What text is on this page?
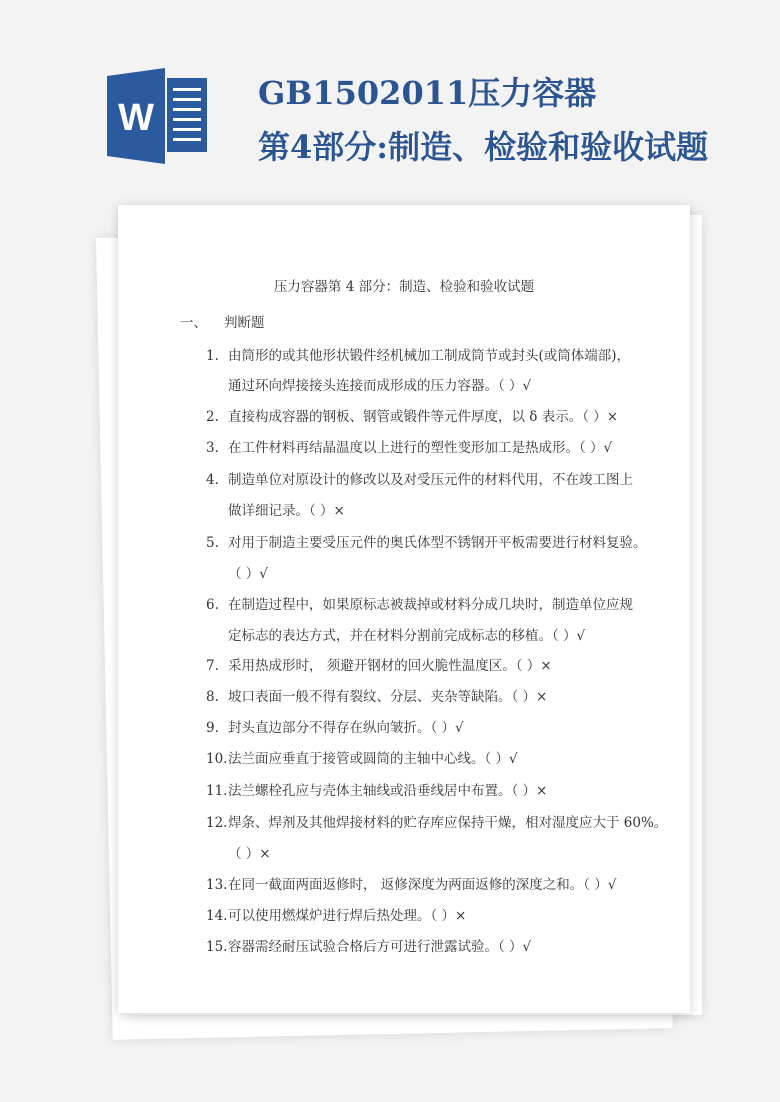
W
GB1502011压力容器
第4部分:制造、检验和验收试题
压力容器第 4 部分：制造、检验和验收试题
一、 判断题
1. 由筒形的或其他形状锻件经机械加工制成筒节或封头(或筒体端部)，
通过环向焊接接头连接而成形成的压力容器。（ ）√
2. 直接构成容器的钢板、钢管或锻件等元件厚度，以 δ 表示。（ ）×
3. 在工件材料再结晶温度以上进行的塑性变形加工是热成形。（ ）√
4. 制造单位对原设计的修改以及对受压元件的材料代用，不在竣工图上
做详细记录。（ ）×
5. 对用于制造主要受压元件的奥氏体型不锈钢开平板需要进行材料复验。
（ ）√
6. 在制造过程中，如果原标志被裁掉或材料分成几块时，制造单位应规
定标志的表达方式，并在材料分割前完成标志的移植。（ ）√
7. 采用热成形时， 须避开钢材的回火脆性温度区。（ ）×
8. 坡口表面一般不得有裂纹、分层、夹杂等缺陷。（ ）×
9. 封头直边部分不得存在纵向皱折。（ ）√
10.法兰面应垂直于接管或圆筒的主轴中心线。（ ）√
11.法兰螺栓孔应与壳体主轴线或沿垂线居中布置。（ ）×
12.焊条、焊剂及其他焊接材料的贮存库应保持干燥，相对湿度应大于 60%。
（ ）×
13.在同一截面两面返修时， 返修深度为两面返修的深度之和。（ ）√
14.可以使用燃煤炉进行焊后热处理。（ ）×
15.容器需经耐压试验合格后方可进行泄露试验。（ ）√
